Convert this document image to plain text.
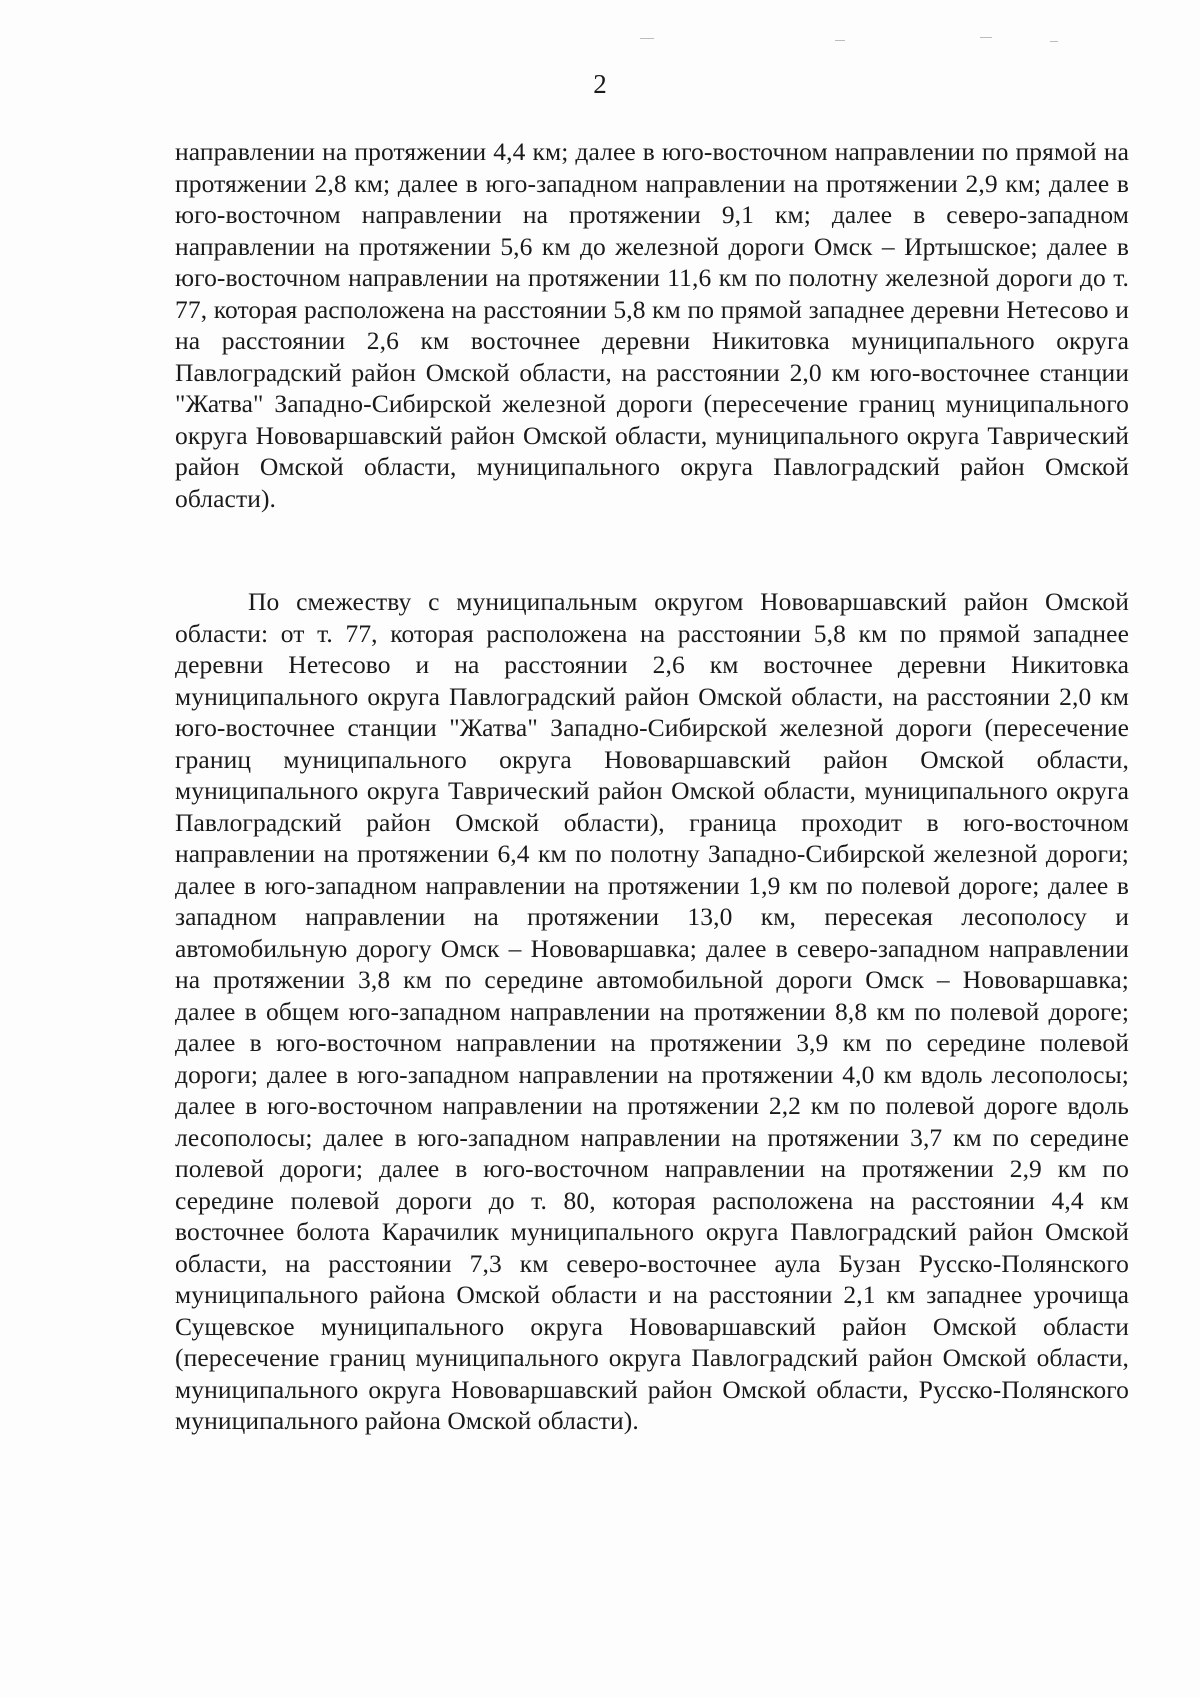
2

направлении на протяжении 4,4 км; далее в юго-восточном направлении по прямой на протяжении 2,8 км; далее в юго-западном направлении на протяжении 2,9 км; далее в юго-восточном направлении на протяжении 9,1 км; далее в северо-западном направлении на протяжении 5,6 км до железной дороги Омск – Иртышское; далее в юго-восточном направлении на протяжении 11,6 км по полотну железной дороги до т. 77, которая расположена на расстоянии 5,8 км по прямой западнее деревни Нетесово и на расстоянии 2,6 км восточнее деревни Никитовка муниципального округа Павлоградский район Омской области, на расстоянии 2,0 км юго-восточнее станции "Жатва" Западно-Сибирской железной дороги (пересечение границ муниципального округа Нововаршавский район Омской области, муниципального округа Таврический район Омской области, муниципального округа Павлоградский район Омской области).

По смежеству с муниципальным округом Нововаршавский район Омской области: от т. 77, которая расположена на расстоянии 5,8 км по прямой западнее деревни Нетесово и на расстоянии 2,6 км восточнее деревни Никитовка муниципального округа Павлоградский район Омской области, на расстоянии 2,0 км юго-восточнее станции "Жатва" Западно-Сибирской железной дороги (пересечение границ муниципального округа Нововаршавский район Омской области, муниципального округа Таврический район Омской области, муниципального округа Павлоградский район Омской области), граница проходит в юго-восточном направлении на протяжении 6,4 км по полотну Западно-Сибирской железной дороги; далее в юго-западном направлении на протяжении 1,9 км по полевой дороге; далее в западном направлении на протяжении 13,0 км, пересекая лесополосу и автомобильную дорогу Омск – Нововаршавка; далее в северо-западном направлении на протяжении 3,8 км по середине автомобильной дороги Омск – Нововаршавка; далее в общем юго-западном направлении на протяжении 8,8 км по полевой дороге; далее в юго-восточном направлении на протяжении 3,9 км по середине полевой дороги; далее в юго-западном направлении на протяжении 4,0 км вдоль лесополосы; далее в юго-восточном направлении на протяжении 2,2 км по полевой дороге вдоль лесополосы; далее в юго-западном направлении на протяжении 3,7 км по середине полевой дороги; далее в юго-восточном направлении на протяжении 2,9 км по середине полевой дороги до т. 80, которая расположена на расстоянии 4,4 км восточнее болота Карачилик муниципального округа Павлоградский район Омской области, на расстоянии 7,3 км северо-восточнее аула Бузан Русско-Полянского муниципального района Омской области и на расстоянии 2,1 км западнее урочища Сущевское муниципального округа Нововаршавский район Омской области (пересечение границ муниципального округа Павлоградский район Омской области, муниципального округа Нововаршавский район Омской области, Русско-Полянского муниципального района Омской области).
